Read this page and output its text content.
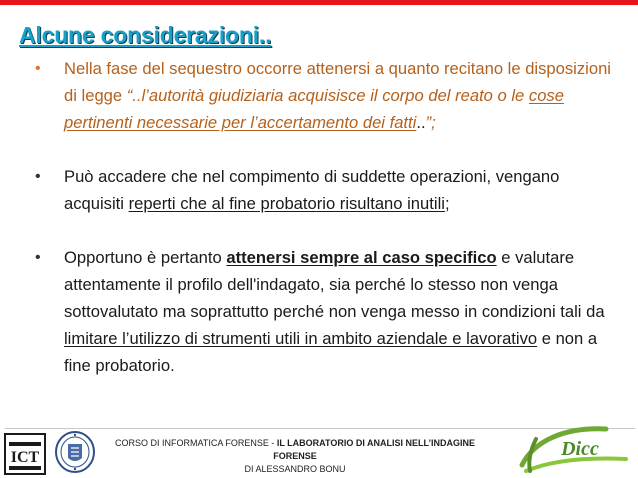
Alcune considerazioni..
• Nella fase del sequestro occorre attenersi a quanto recitano le disposizioni di legge “..l’autorità giudiziaria acquisisce il corpo del reato o le cose pertinenti necessarie per l’accertamento dei fatti..”;
• Può accadere che nel compimento di suddette operazioni, vengano acquisiti reperti che al fine probatorio risultano inutili;
• Opportuno è pertanto attenersi sempre al caso specifico e valutare attentamente il profilo dell'indagato, sia perché lo stesso non venga sottovalutato ma soprattutto perché non venga messo in condizioni tali da limitare l’utilizzo di strumenti utili in ambito aziendale e lavorativo e non a fine probatorio.
ICT
CORSO DI INFORMATICA FORENSE - IL LABORATORIO DI ANALISI NELL’INDAGINE FORENSE
DI ALESSANDRO BONU
Dicc
